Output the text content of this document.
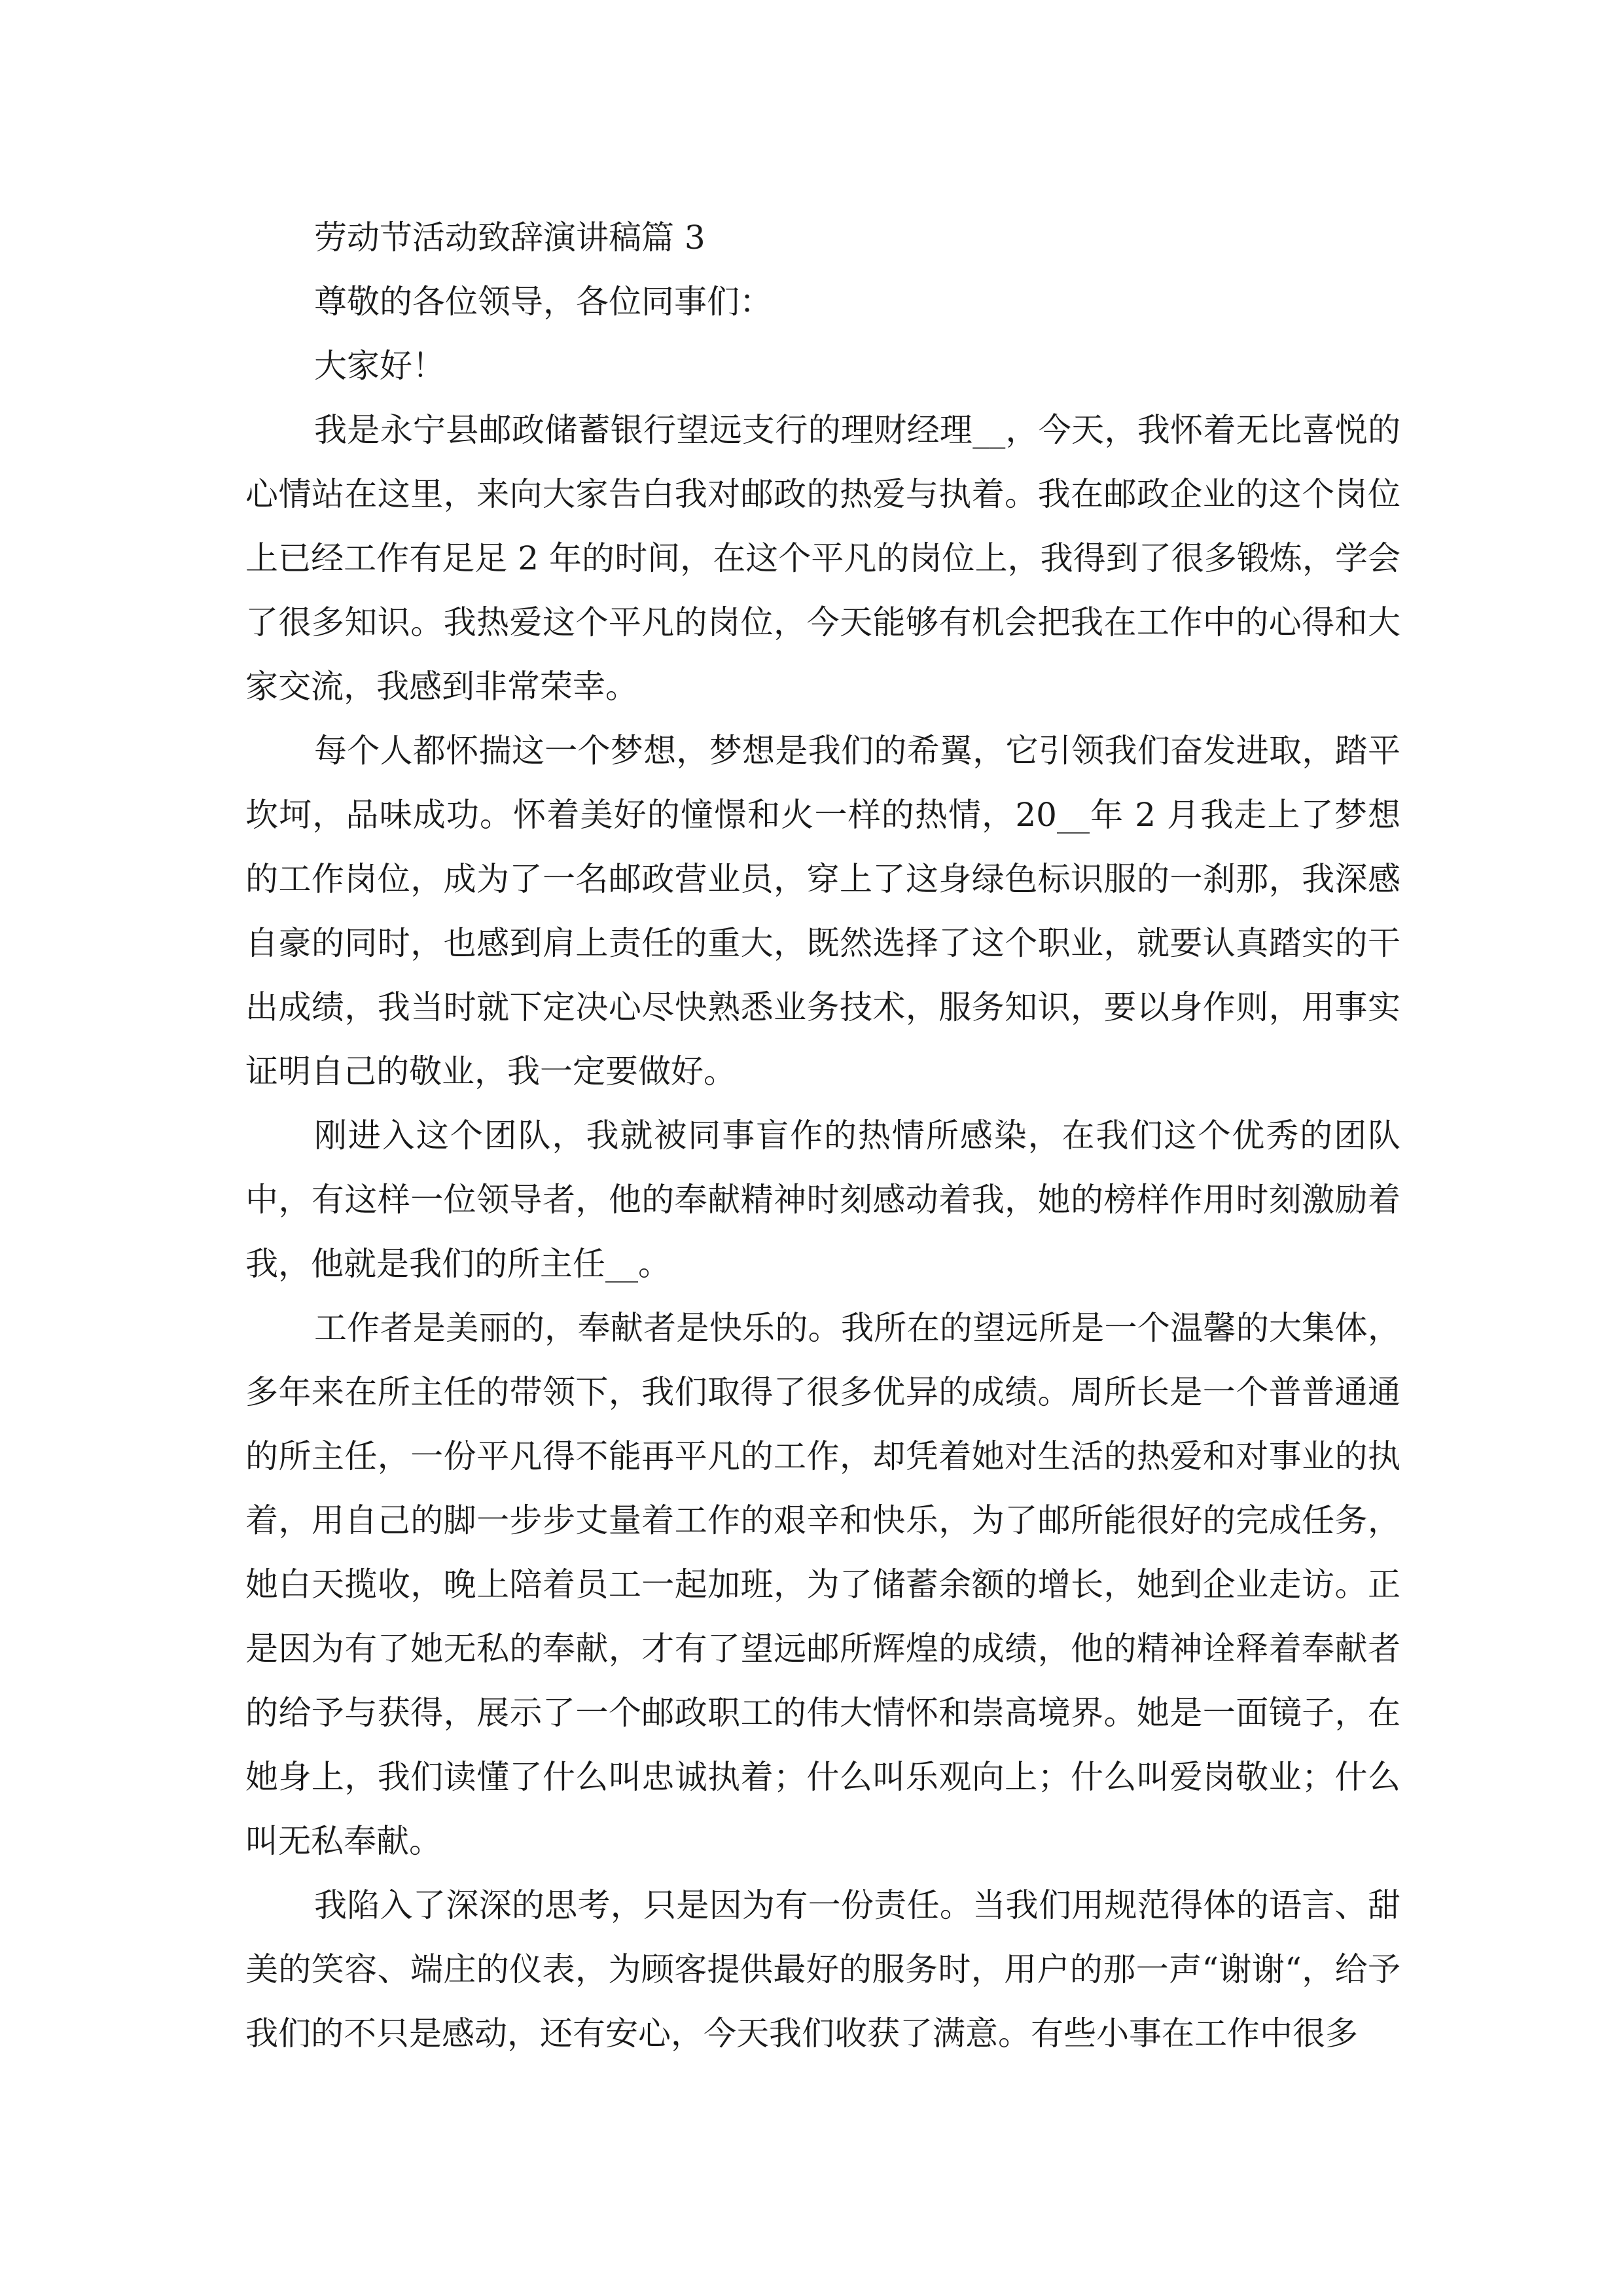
劳动节活动致辞演讲稿篇 3

尊敬的各位领导，各位同事们：

大家好！

我是永宁县邮政储蓄银行望远支行的理财经理__，今天，我怀着无比喜悦的心情站在这里，来向大家告白我对邮政的热爱与执着。我在邮政企业的这个岗位上已经工作有足足 2 年的时间，在这个平凡的岗位上，我得到了很多锻炼，学会了很多知识。我热爱这个平凡的岗位，今天能够有机会把我在工作中的心得和大家交流，我感到非常荣幸。

每个人都怀揣这一个梦想，梦想是我们的希翼，它引领我们奋发进取，踏平坎坷，品味成功。怀着美好的憧憬和火一样的热情，20__年 2 月我走上了梦想的工作岗位，成为了一名邮政营业员，穿上了这身绿色标识服的一刹那，我深感自豪的同时，也感到肩上责任的重大，既然选择了这个职业，就要认真踏实的干出成绩，我当时就下定决心尽快熟悉业务技术，服务知识，要以身作则，用事实证明自己的敬业，我一定要做好。

刚进入这个团队，我就被同事盲作的热情所感染，在我们这个优秀的团队中，有这样一位领导者，他的奉献精神时刻感动着我，她的榜样作用时刻激励着我，他就是我们的所主任__。

工作者是美丽的，奉献者是快乐的。我所在的望远所是一个温馨的大集体，多年来在所主任的带领下，我们取得了很多优异的成绩。周所长是一个普普通通的所主任，一份平凡得不能再平凡的工作，却凭着她对生活的热爱和对事业的执着，用自己的脚一步步丈量着工作的艰辛和快乐，为了邮所能很好的完成任务，她白天揽收，晚上陪着员工一起加班，为了储蓄余额的增长，她到企业走访。正是因为有了她无私的奉献，才有了望远邮所辉煌的成绩，他的精神诠释着奉献者的给予与获得，展示了一个邮政职工的伟大情怀和崇高境界。她是一面镜子，在她身上，我们读懂了什么叫忠诚执着；什么叫乐观向上；什么叫爱岗敬业；什么叫无私奉献。

我陷入了深深的思考，只是因为有一份责任。当我们用规范得体的语言、甜美的笑容、端庄的仪表，为顾客提供最好的服务时，用户的那一声“谢谢“，给予我们的不只是感动，还有安心，今天我们收获了满意。有些小事在工作中很多
